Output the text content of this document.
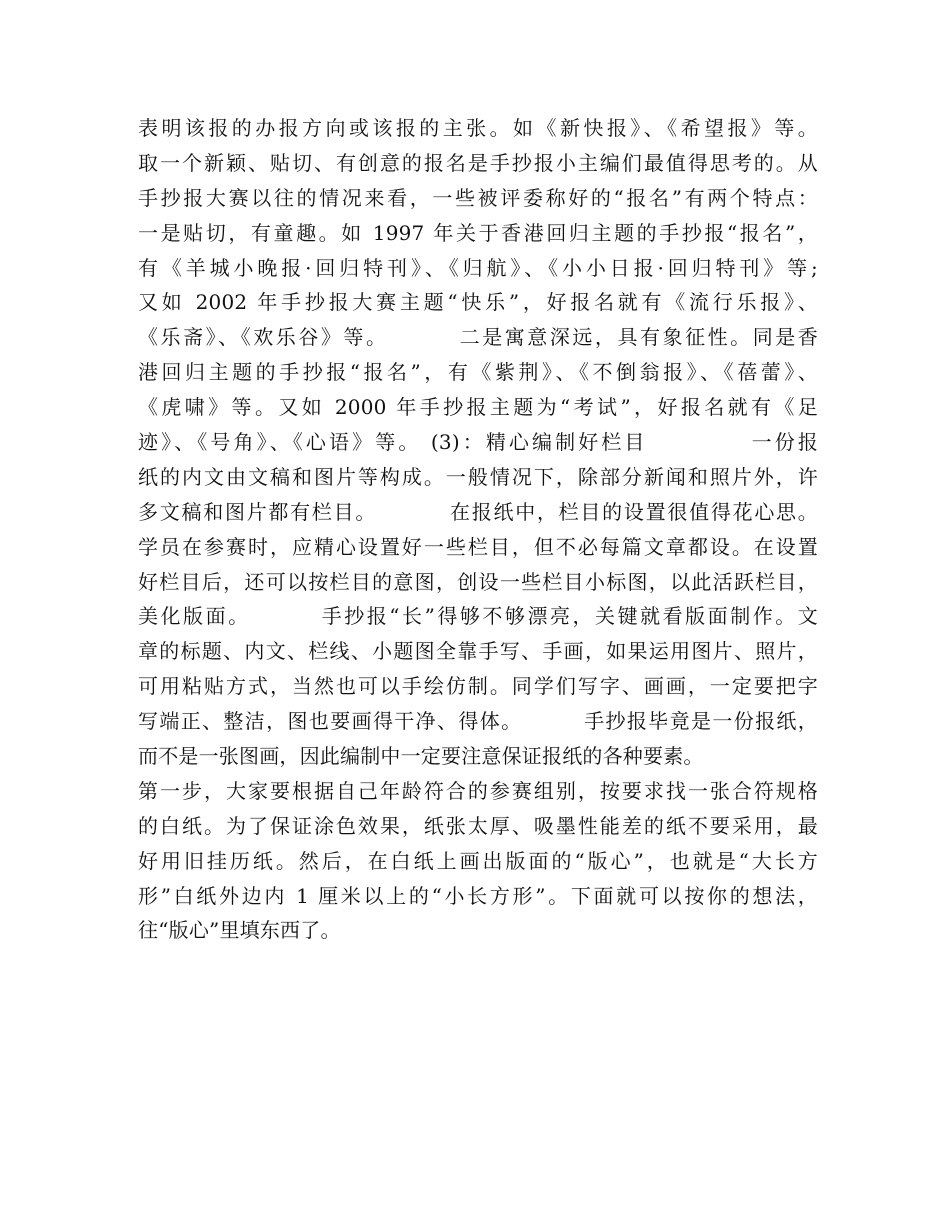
表明该报的办报方向或该报的主张。如《新快报》、《希望报》等。
取一个新颖、贴切、有创意的报名是手抄报小主编们最值得思考的。从
手抄报大赛以往的情况来看，一些被评委称好的“报名”有两个特点：
一是贴切，有童趣。如 1997 年关于香港回归主题的手抄报“报名”，
有《羊城小晚报·回归特刊》、《归航》、《小小日报·回归特刊》等;
又如 2002 年手抄报大赛主题“快乐”，好报名就有《流行乐报》、
《乐斋》、《欢乐谷》等。        二是寓意深远，具有象征性。同是香
港回归主题的手抄报“报名”，有《紫荆》、《不倒翁报》、《蓓蕾》、
《虎啸》等。又如 2000 年手抄报主题为“考试”，好报名就有《足
迹》、《号角》、《心语》等。 (3)：精心编制好栏目           一份报
纸的内文由文稿和图片等构成。一般情况下，除部分新闻和照片外，许
多文稿和图片都有栏目。         在报纸中，栏目的设置很值得花心思。
学员在参赛时，应精心设置好一些栏目，但不必每篇文章都设。在设置
好栏目后，还可以按栏目的意图，创设一些栏目小标图，以此活跃栏目，
美化版面。        手抄报“长”得够不够漂亮，关键就看版面制作。文
章的标题、内文、栏线、小题图全靠手写、手画，如果运用图片、照片，
可用粘贴方式，当然也可以手绘仿制。同学们写字、画画，一定要把字
写端正、整洁，图也要画得干净、得体。        手抄报毕竟是一份报纸，
而不是一张图画，因此编制中一定要注意保证报纸的各种要素。
第一步，大家要根据自己年龄符合的参赛组别，按要求找一张合符规格
的白纸。为了保证涂色效果，纸张太厚、吸墨性能差的纸不要采用，最
好用旧挂历纸。然后，在白纸上画出版面的“版心”，也就是“大长方
形”白纸外边内 1 厘米以上的“小长方形”。下面就可以按你的想法，
往“版心”里填东西了。
